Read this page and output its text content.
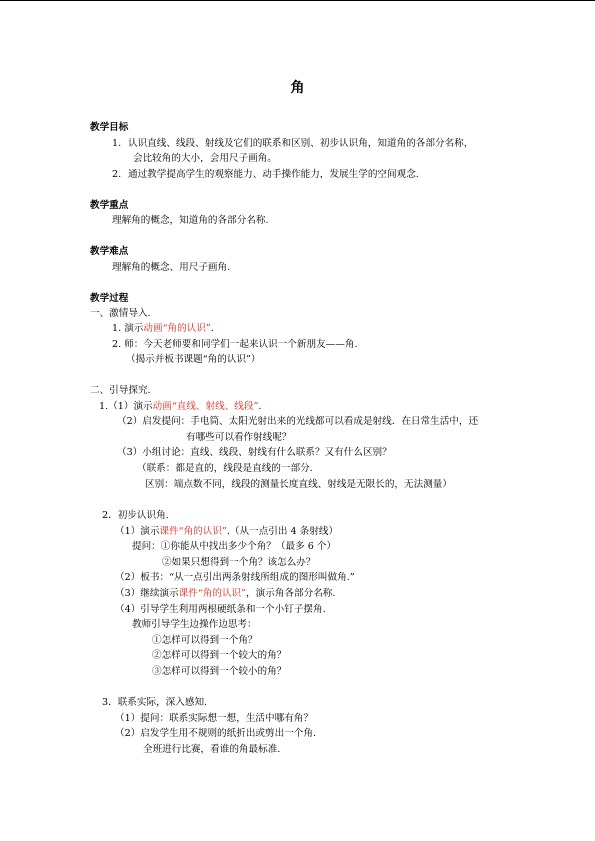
角
教学目标
1. 认识直线、线段、射线及它们的联系和区别、初步认识角，知道角的各部分名称，
会比较角的大小，会用尺子画角。
2. 通过教学提高学生的观察能力、动手操作能力，发展生学的空间观念.
教学重点
理解角的概念，知道角的各部分名称.
教学难点
理解角的概念、用尺子画角.
教学过程
一、激情导入.
1. 演示动画“角的认识”.
2. 师：今天老师要和同学们一起来认识一个新朋友——角.
（揭示并板书课题“角的认识”）
二、引导探究.
1.（1）演示动画“直线、射线、线段”.
（2）启发提问：手电筒、太阳光射出来的光线都可以看成是射线．在日常生活中，还
有哪些可以看作射线呢？
（3）小组讨论：直线、线段、射线有什么联系？又有什么区别？
（联系：都是直的，线段是直线的一部分.
区别：端点数不同，线段的测量长度直线、射线是无限长的，无法测量）
2．初步认识角.
（1）演示课件“角的认识”.（从一点引出 4 条射线）
提问：①你能从中找出多少个角？（最多 6 个）
②如果只想得到一个角？该怎么办？
（2）板书：“从一点引出两条射线所组成的图形叫做角.”
（3）继续演示课件“角的认识”，演示角各部分名称.
（4）引导学生利用两根硬纸条和一个小钉子摆角.
教师引导学生边操作边思考：
①怎样可以得到一个角？
②怎样可以得到一个较大的角？
③怎样可以得到一个较小的角？
3．联系实际，深入感知.
（1）提问：联系实际想一想，生活中哪有角？
（2）启发学生用不规则的纸折出或剪出一个角.
全班进行比赛，看谁的角最标准.
